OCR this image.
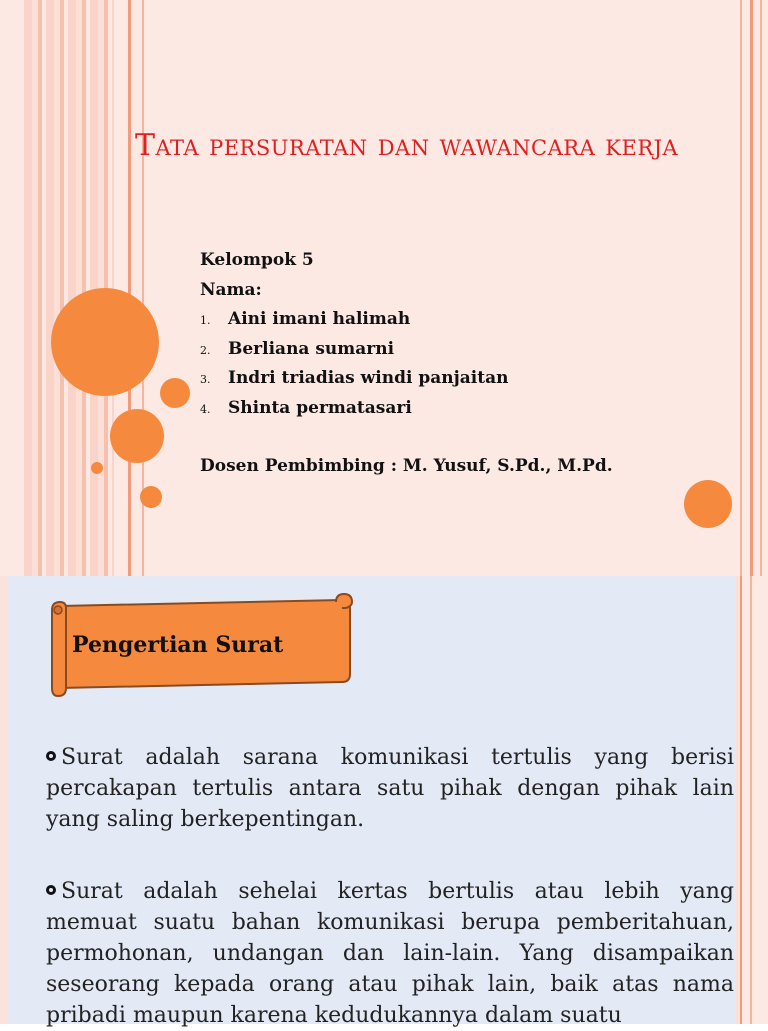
Tata persuratan dan wawancara kerja
Kelompok 5
Nama:
1. Aini imani halimah
2. Berliana sumarni
3. Indri triadias windi panjaitan
4. Shinta permatasari
Dosen Pembimbing : M. Yusuf, S.Pd., M.Pd.
Pengertian Surat

Surat adalah sarana komunikasi tertulis yang berisi percakapan tertulis antara satu pihak dengan pihak lain yang saling berkepentingan.

Surat adalah sehelai kertas bertulis atau lebih yang memuat suatu bahan komunikasi berupa pemberitahuan, permohonan, undangan dan lain-lain. Yang disampaikan seseorang kepada orang atau pihak lain, baik atas nama pribadi maupun karena kedudukannya dalam suatu
